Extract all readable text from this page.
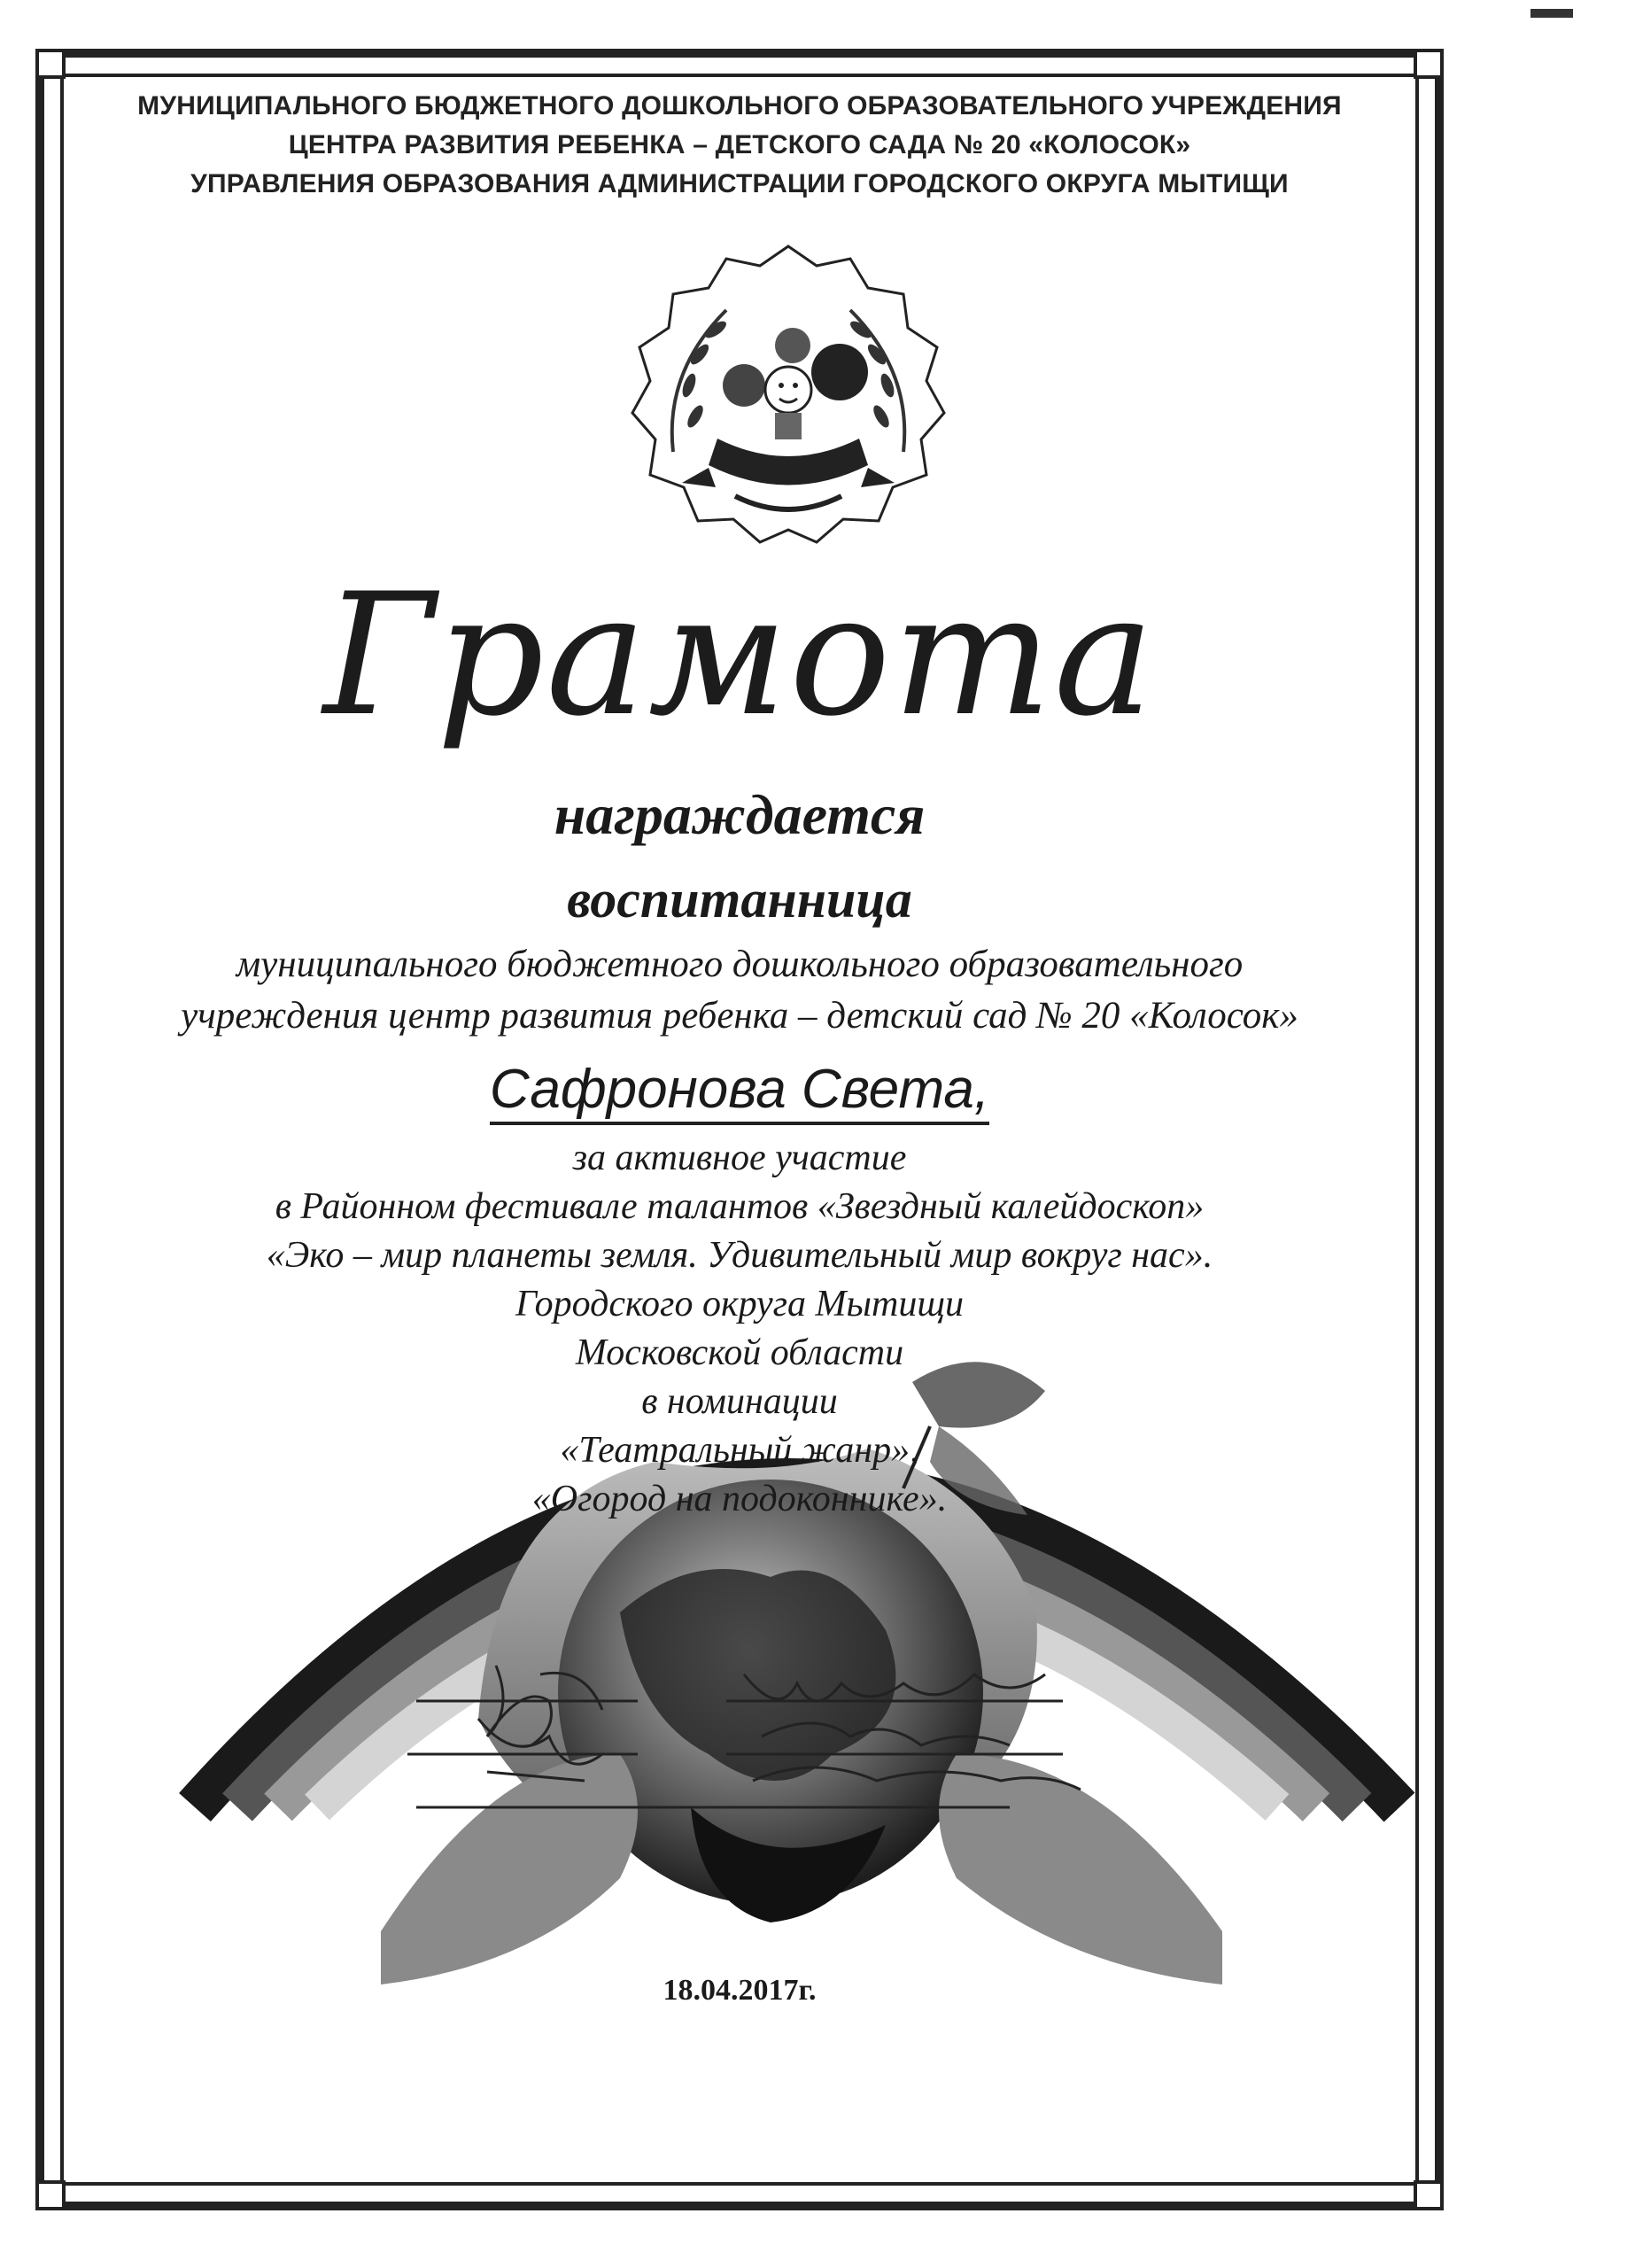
МУНИЦИПАЛЬНОГО БЮДЖЕТНОГО ДОШКОЛЬНОГО ОБРАЗОВАТЕЛЬНОГО УЧРЕЖДЕНИЯ
ЦЕНТРА РАЗВИТИЯ РЕБЕНКА – ДЕТСКОГО САДА № 20 «КОЛОСОК»
УПРАВЛЕНИЯ ОБРАЗОВАНИЯ АДМИНИСТРАЦИИ ГОРОДСКОГО ОКРУГА МЫТИЩИ
Грамота
награждается
воспитанница
муниципального бюджетного дошкольного образовательного
учреждения центр развития ребенка – детский сад № 20 «Колосок»
Сафронова Света,
за активное участие
в Районном фестивале талантов «Звездный калейдоскоп»
«Эко – мир планеты земля. Удивительный мир вокруг нас».
Городского округа Мытищи
Московской области
в номинации
«Театральный жанр»,
«Огород на подоконнике».
18.04.2017г.
